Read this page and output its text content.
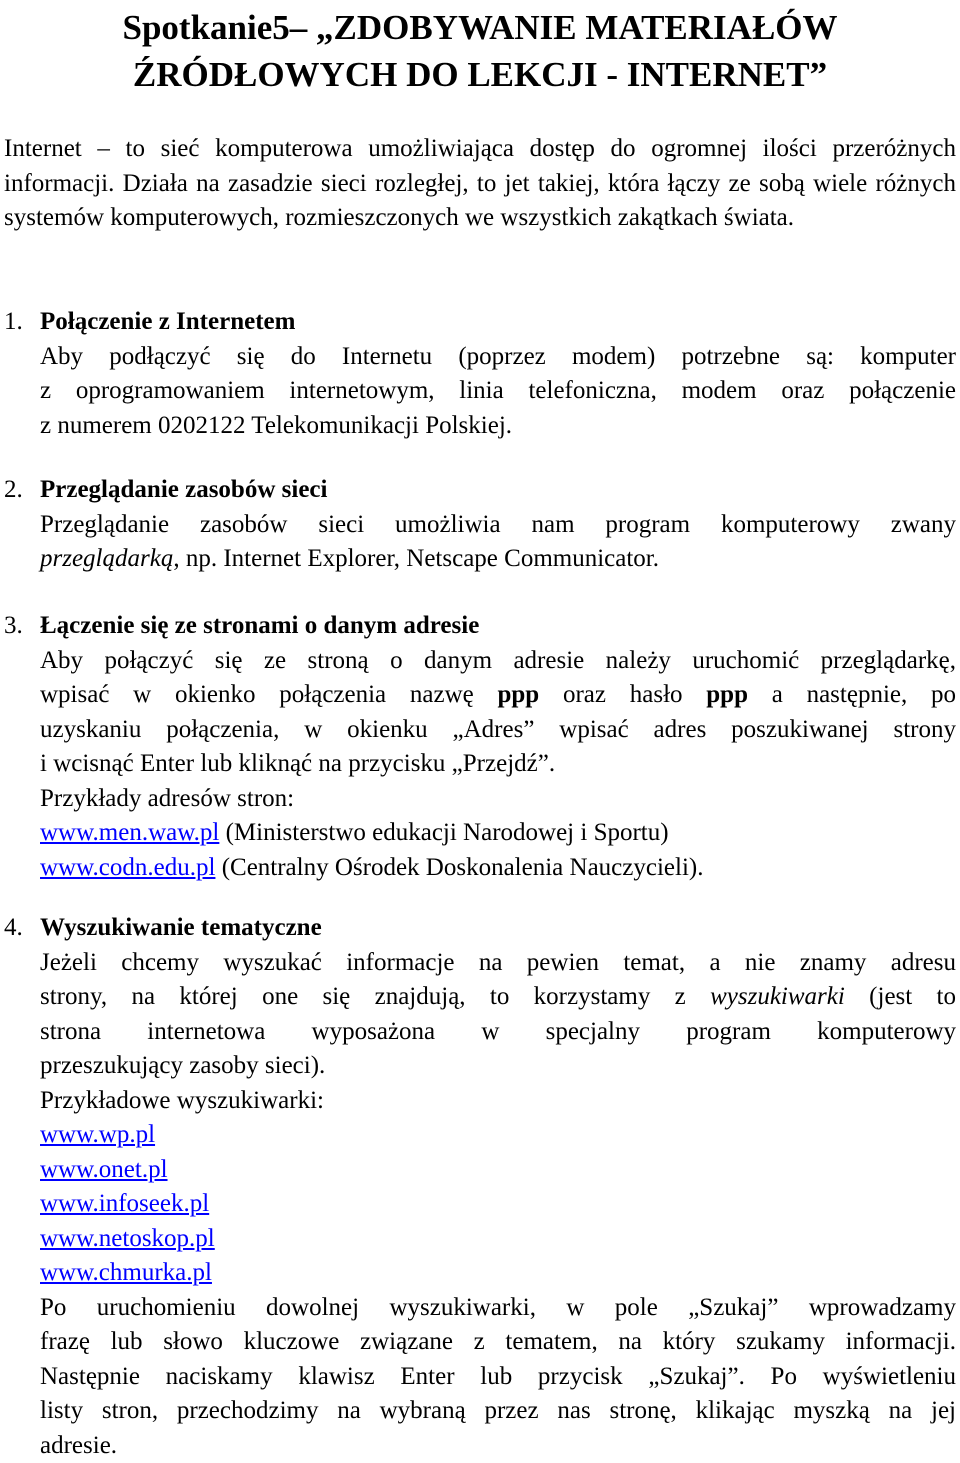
Spotkanie5– „ZDOBYWANIE MATERIAŁÓW
ŹRÓDŁOWYCH DO LEKCJI - INTERNET”

Internet – to sieć komputerowa umożliwiająca dostęp do ogromnej ilości przeróżnych informacji. Działa na zasadzie sieci rozległej, to jet takiej, która łączy ze sobą wiele różnych systemów komputerowych, rozmieszczonych we wszystkich zakątkach świata.

1. Połączenie z Internetem
Aby podłączyć się do Internetu (poprzez modem) potrzebne są: komputer
z oprogramowaniem internetowym, linia telefoniczna, modem oraz połączenie
z numerem 0202122 Telekomunikacji Polskiej.
2. Przeglądanie zasobów sieci
Przeglądanie zasobów sieci umożliwia nam program komputerowy zwany
przeglądarką, np. Internet Explorer, Netscape Communicator.
3. Łączenie się ze stronami o danym adresie
Aby połączyć się ze stroną o danym adresie należy uruchomić przeglądarkę,
wpisać w okienko połączenia nazwę ppp oraz hasło ppp a następnie, po
uzyskaniu połączenia, w okienku „Adres” wpisać adres poszukiwanej strony
i wcisnąć Enter lub kliknąć na przycisku „Przejdź”.
Przykłady adresów stron:
www.men.waw.pl (Ministerstwo edukacji Narodowej i Sportu)
www.codn.edu.pl (Centralny Ośrodek Doskonalenia Nauczycieli).
4. Wyszukiwanie tematyczne
Jeżeli chcemy wyszukać informacje na pewien temat, a nie znamy adresu
strony, na której one się znajdują, to korzystamy z wyszukiwarki (jest to
strona internetowa wyposażona w specjalny program komputerowy
przeszukujący zasoby sieci).
Przykładowe wyszukiwarki:
www.wp.pl
www.onet.pl
www.infoseek.pl
www.netoskop.pl
www.chmurka.pl
Po uruchomieniu dowolnej wyszukiwarki, w pole „Szukaj” wprowadzamy
frazę lub słowo kluczowe związane z tematem, na który szukamy informacji.
Następnie naciskamy klawisz Enter lub przycisk „Szukaj”. Po wyświetleniu
listy stron, przechodzimy na wybraną przez nas stronę, klikając myszką na jej
adresie.
